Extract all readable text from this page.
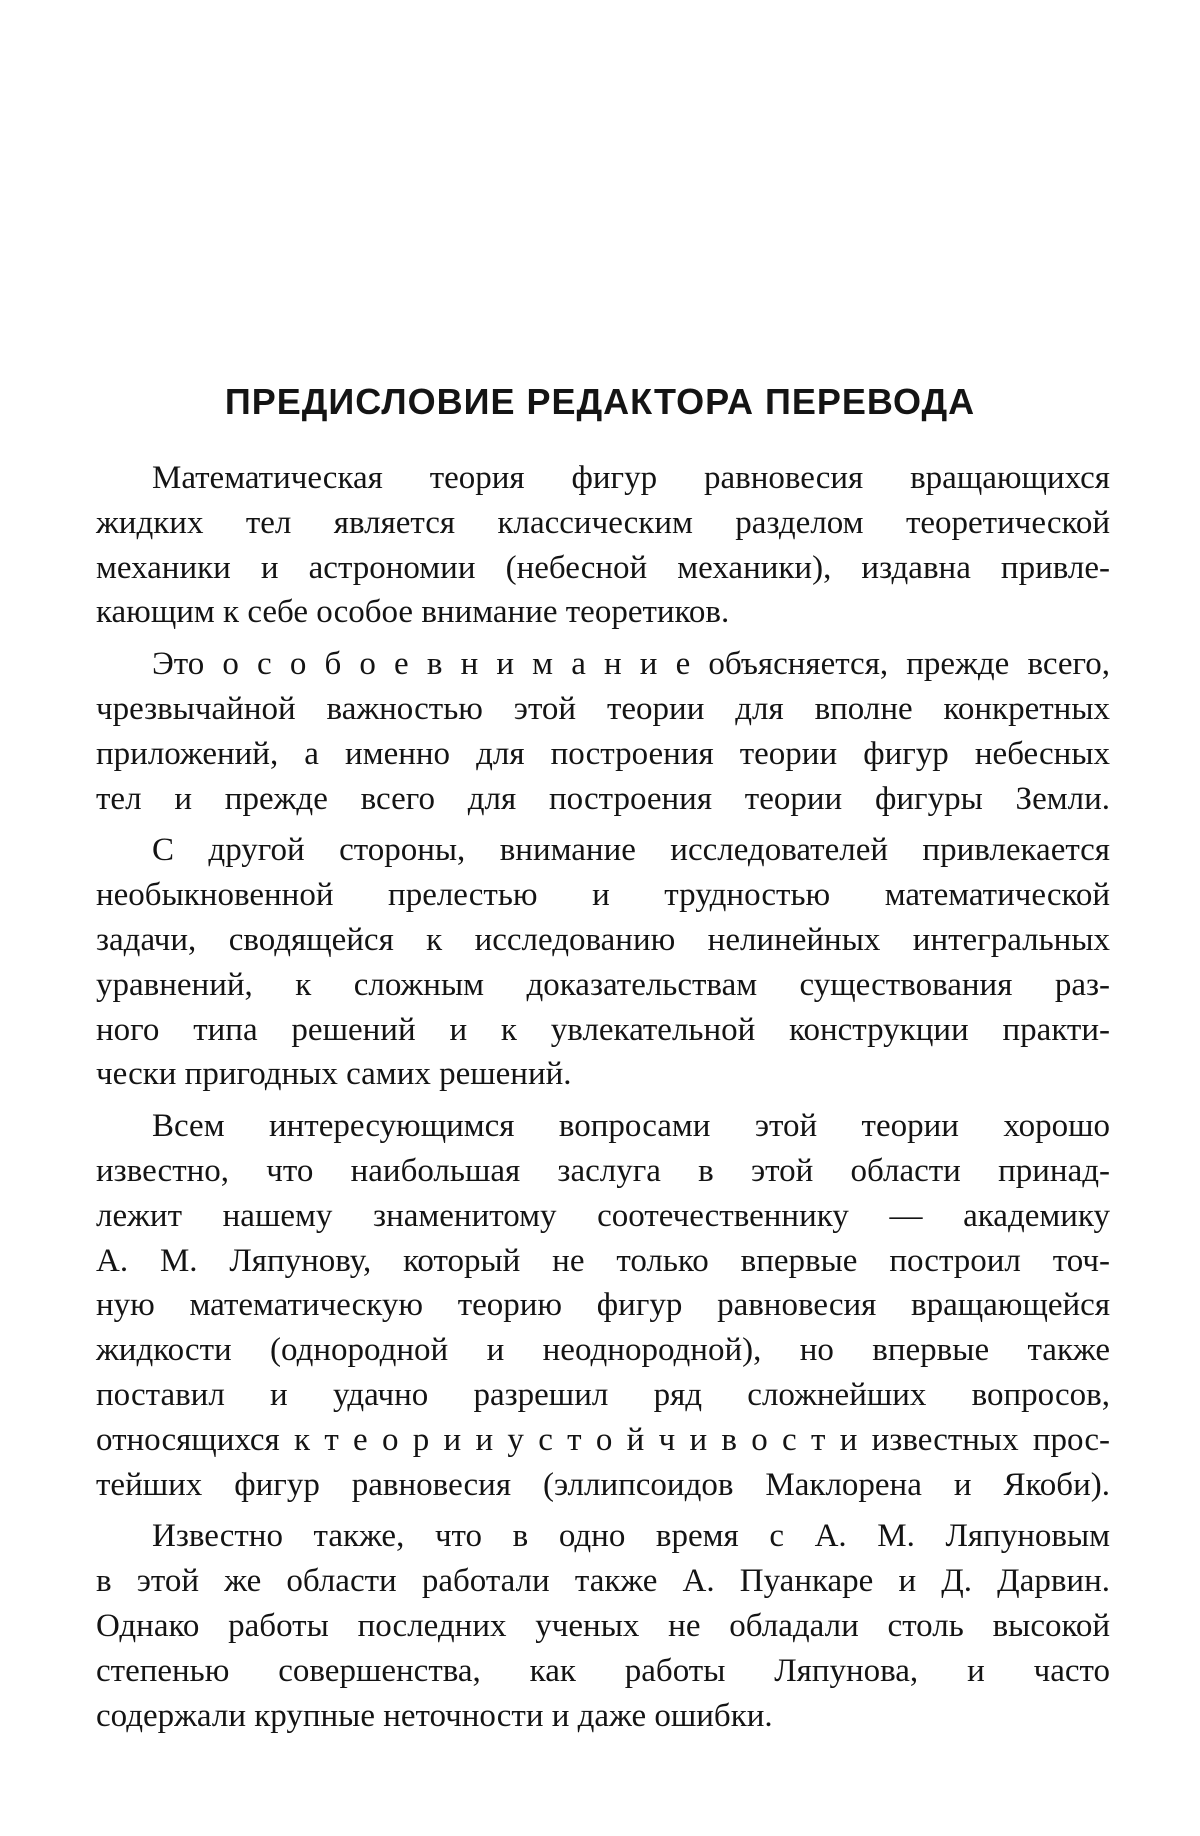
ПРЕДИСЛОВИЕ РЕДАКТОРА ПЕРЕВОДА

Математическая теория фигур равновесия вращающихся
жидких тел является классическим разделом теоретической
механики и астрономии (небесной механики), издавна привле-
кающим к себе особое внимание теоретиков.

Это о с о б о е в н и м а н и е объясняется, прежде всего,
чрезвычайной важностью этой теории для вполне конкретных
приложений, а именно для построения теории фигур небесных
тел и прежде всего для построения теории фигуры Земли.

С другой стороны, внимание исследователей привлекается
необыкновенной прелестью и трудностью математической
задачи, сводящейся к исследованию нелинейных интегральных
уравнений, к сложным доказательствам существования раз-
ного типа решений и к увлекательной конструкции практи-
чески пригодных самих решений.

Всем интересующимся вопросами этой теории хорошо
известно, что наибольшая заслуга в этой области принад-
лежит нашему знаменитому соотечественнику — академику
А. М. Ляпунову, который не только впервые построил точ-
ную математическую теорию фигур равновесия вращающейся
жидкости (однородной и неоднородной), но впервые также
поставил и удачно разрешил ряд сложнейших вопросов,
относящихся к т е о р и и у с т о й ч и в о с т и известных прос-
тейших фигур равновесия (эллипсоидов Маклорена и Якоби).

Известно также, что в одно время с А. М. Ляпуновым
в этой же области работали также А. Пуанкаре и Д. Дарвин.
Однако работы последних ученых не обладали столь высокой
степенью совершенства, как работы Ляпунова, и часто
содержали крупные неточности и даже ошибки.
